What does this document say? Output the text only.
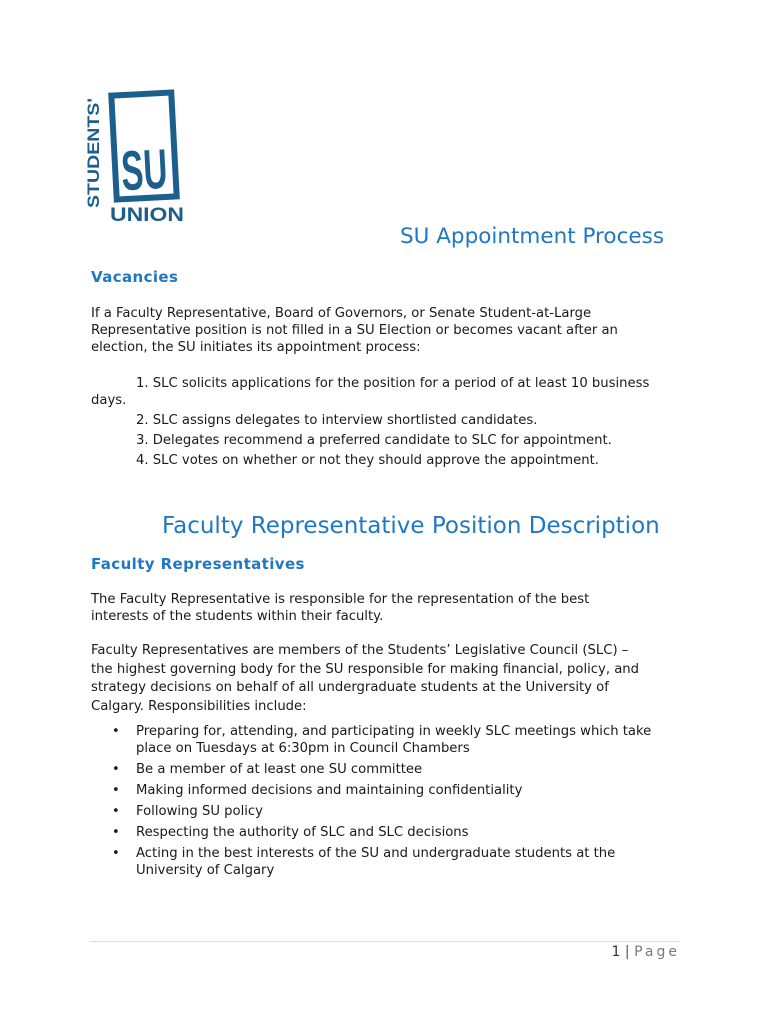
STUDENTS' SU
UNION
SU Appointment Process
Vacancies
If a Faculty Representative, Board of Governors, or Senate Student-at-Large
Representative position is not filled in a SU Election or becomes vacant after an
election, the SU initiates its appointment process:
1. SLC solicits applications for the position for a period of at least 10 business
days.
2. SLC assigns delegates to interview shortlisted candidates.
3. Delegates recommend a preferred candidate to SLC for appointment.
4. SLC votes on whether or not they should approve the appointment.
Faculty Representative Position Description
Faculty Representatives
The Faculty Representative is responsible for the representation of the best
interests of the students within their faculty.
Faculty Representatives are members of the Students’ Legislative Council (SLC) –
the highest governing body for the SU responsible for making financial, policy, and
strategy decisions on behalf of all undergraduate students at the University of
Calgary. Responsibilities include:
• Preparing for, attending, and participating in weekly SLC meetings which take
place on Tuesdays at 6:30pm in Council Chambers
• Be a member of at least one SU committee
• Making informed decisions and maintaining confidentiality
• Following SU policy
• Respecting the authority of SLC and SLC decisions
• Acting in the best interests of the SU and undergraduate students at the
University of Calgary
1 | Page
